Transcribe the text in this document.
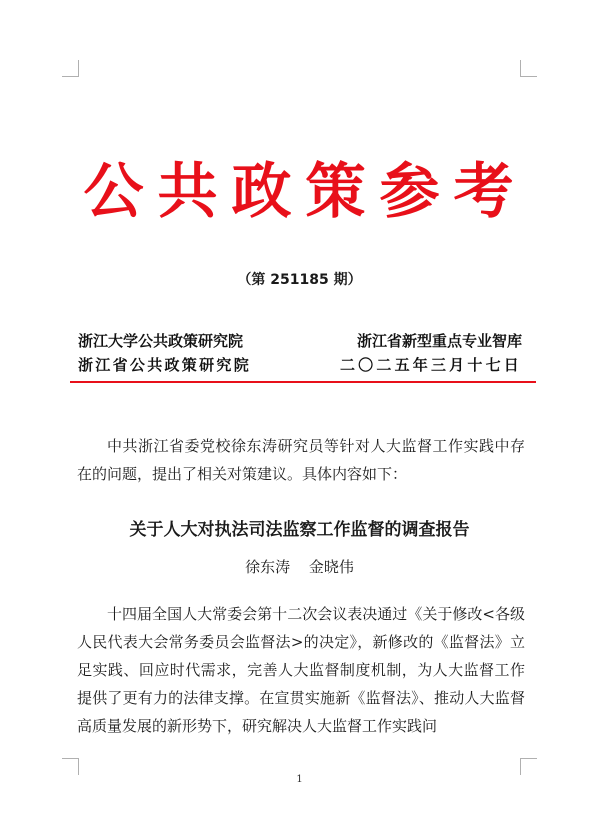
公共政策参考
（第 251185 期）
浙江大学公共政策研究院	浙江省新型重点专业智库
浙江省公共政策研究院	二〇二五年三月十七日

中共浙江省委党校徐东涛研究员等针对人大监督工作实践中存在的问题，提出了相关对策建议。具体内容如下：

关于人大对执法司法监察工作监督的调查报告
徐东涛 金晓伟

十四届全国人大常委会第十二次会议表决通过《关于修改<各级人民代表大会常务委员会监督法>的决定》，新修改的《监督法》立足实践、回应时代需求，完善人大监督制度机制，为人大监督工作提供了更有力的法律支撑。在宣贯实施新《监督法》、推动人大监督高质量发展的新形势下，研究解决人大监督工作实践问

1
